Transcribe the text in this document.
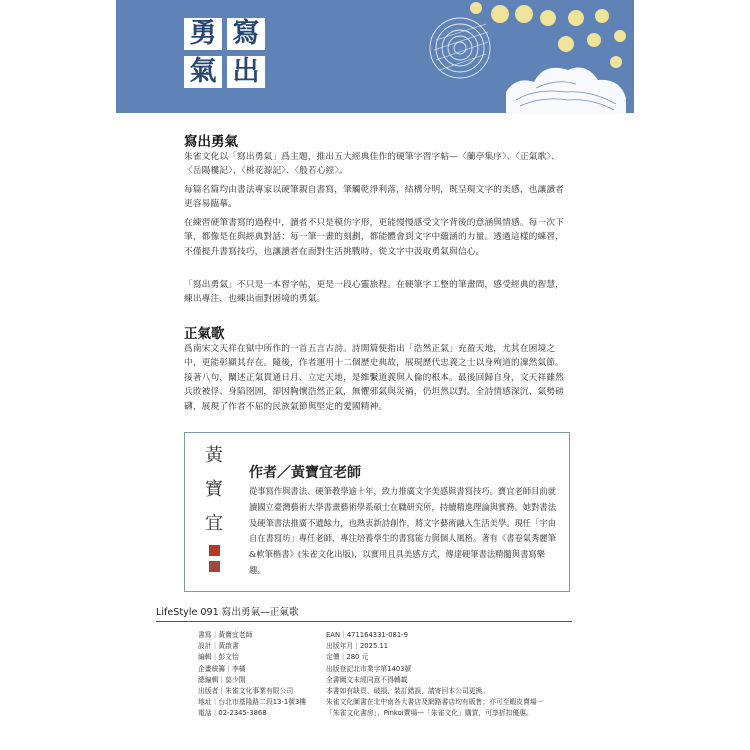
勇 寫
氣 出
寫出勇氣
朱雀文化以「寫出勇氣」爲主題，推出五大經典佳作的硬筆字習字帖—〈蘭亭集序〉、〈正氣歌〉、〈岳陽樓記〉、〈桃花源記〉、〈般若心經〉。
每篇名篇均由書法專家以硬筆親自書寫，筆觸乾淨利落，結構分明，既呈現文字的美感，也讓讀者更容易臨摹。
在練習硬筆書寫的過程中，讀者不只是模仿字形，更能慢慢感受文字背後的意涵與情感。每一次下筆，都像是在與經典對話；每一筆一畫的刻劃，都能體會到文字中蘊涵的力量。透過這樣的練習，不僅提升書寫技巧，也讓讀者在面對生活挑戰時，從文字中汲取勇氣與信心。
「寫出勇氣」不只是一本習字帖，更是一段心靈旅程。在硬筆字工整的筆畫間，感受經典的智慧，練出專注，也練出面對困境的勇氣。
正氣歌
爲南宋文天祥在獄中所作的一首五言古詩。詩開篇便指出「浩然正氣」充盈天地，尤其在困境之中，更能彰顯其存在。隨後，作者運用十二個歷史典故，展現歷代忠義之士以身殉道的凜然氣節。接著八句，闡述正氣貫通日月、立定天地，是維繫道義與人倫的根本。最後回歸自身，文天祥雖然兵敗被俘、身陷囹圄，卻因胸懷浩然正氣，無懼邪氣與災禍，仍坦然以對。全詩情感深沉、氣勢磅礴，展現了作者不屈的民族氣節與堅定的愛國精神。
黃
寶
宜
作者／黃寶宜老師
從事寫作與書法、硬筆教學逾十年，致力推廣文字美感與書寫技巧。寶宜老師目前就讀國立臺灣藝術大學書畫藝術學系碩士在職研究所，持續精進理論與實務。她對書法及硬筆書法推廣不遺餘力，也熱衷新詩創作，將文字藝術融入生活美學。現任「宇由自在書寫坊」專任老師，專注培養學生的書寫能力與個人風格。著有《書卷氣秀麗筆&軟筆楷書》(朱雀文化出版)，以實用且具美感方式，傳達硬筆書法精髓與書寫樂趣。
LifeStyle 091 寫出勇氣—正氣歌
書寫｜黃寶宜老師
設計｜黃啟書
編輯｜彭文怡
企畫統籌｜李橘
總編輯｜莫少閒
出版者｜朱雀文化事業有限公司
地址｜台北市基隆路二段13-1號3樓
電話｜02-2345-3868
EAN｜471164331-081-9
出版年月｜2025.11
定價｜280 元
出版登記北市業字第1403號
全書圖文未經同意不得轉載
本書如有缺頁、破損、裝訂錯誤，請寄回本公司更換。
朱雀文化圖書在北中南各大書店及網路書店均有販售；亦可至蝦皮賣場一
「朱雀文化書房」、Pinkoi賣場—「朱雀文化」購買，可享折扣優惠。
